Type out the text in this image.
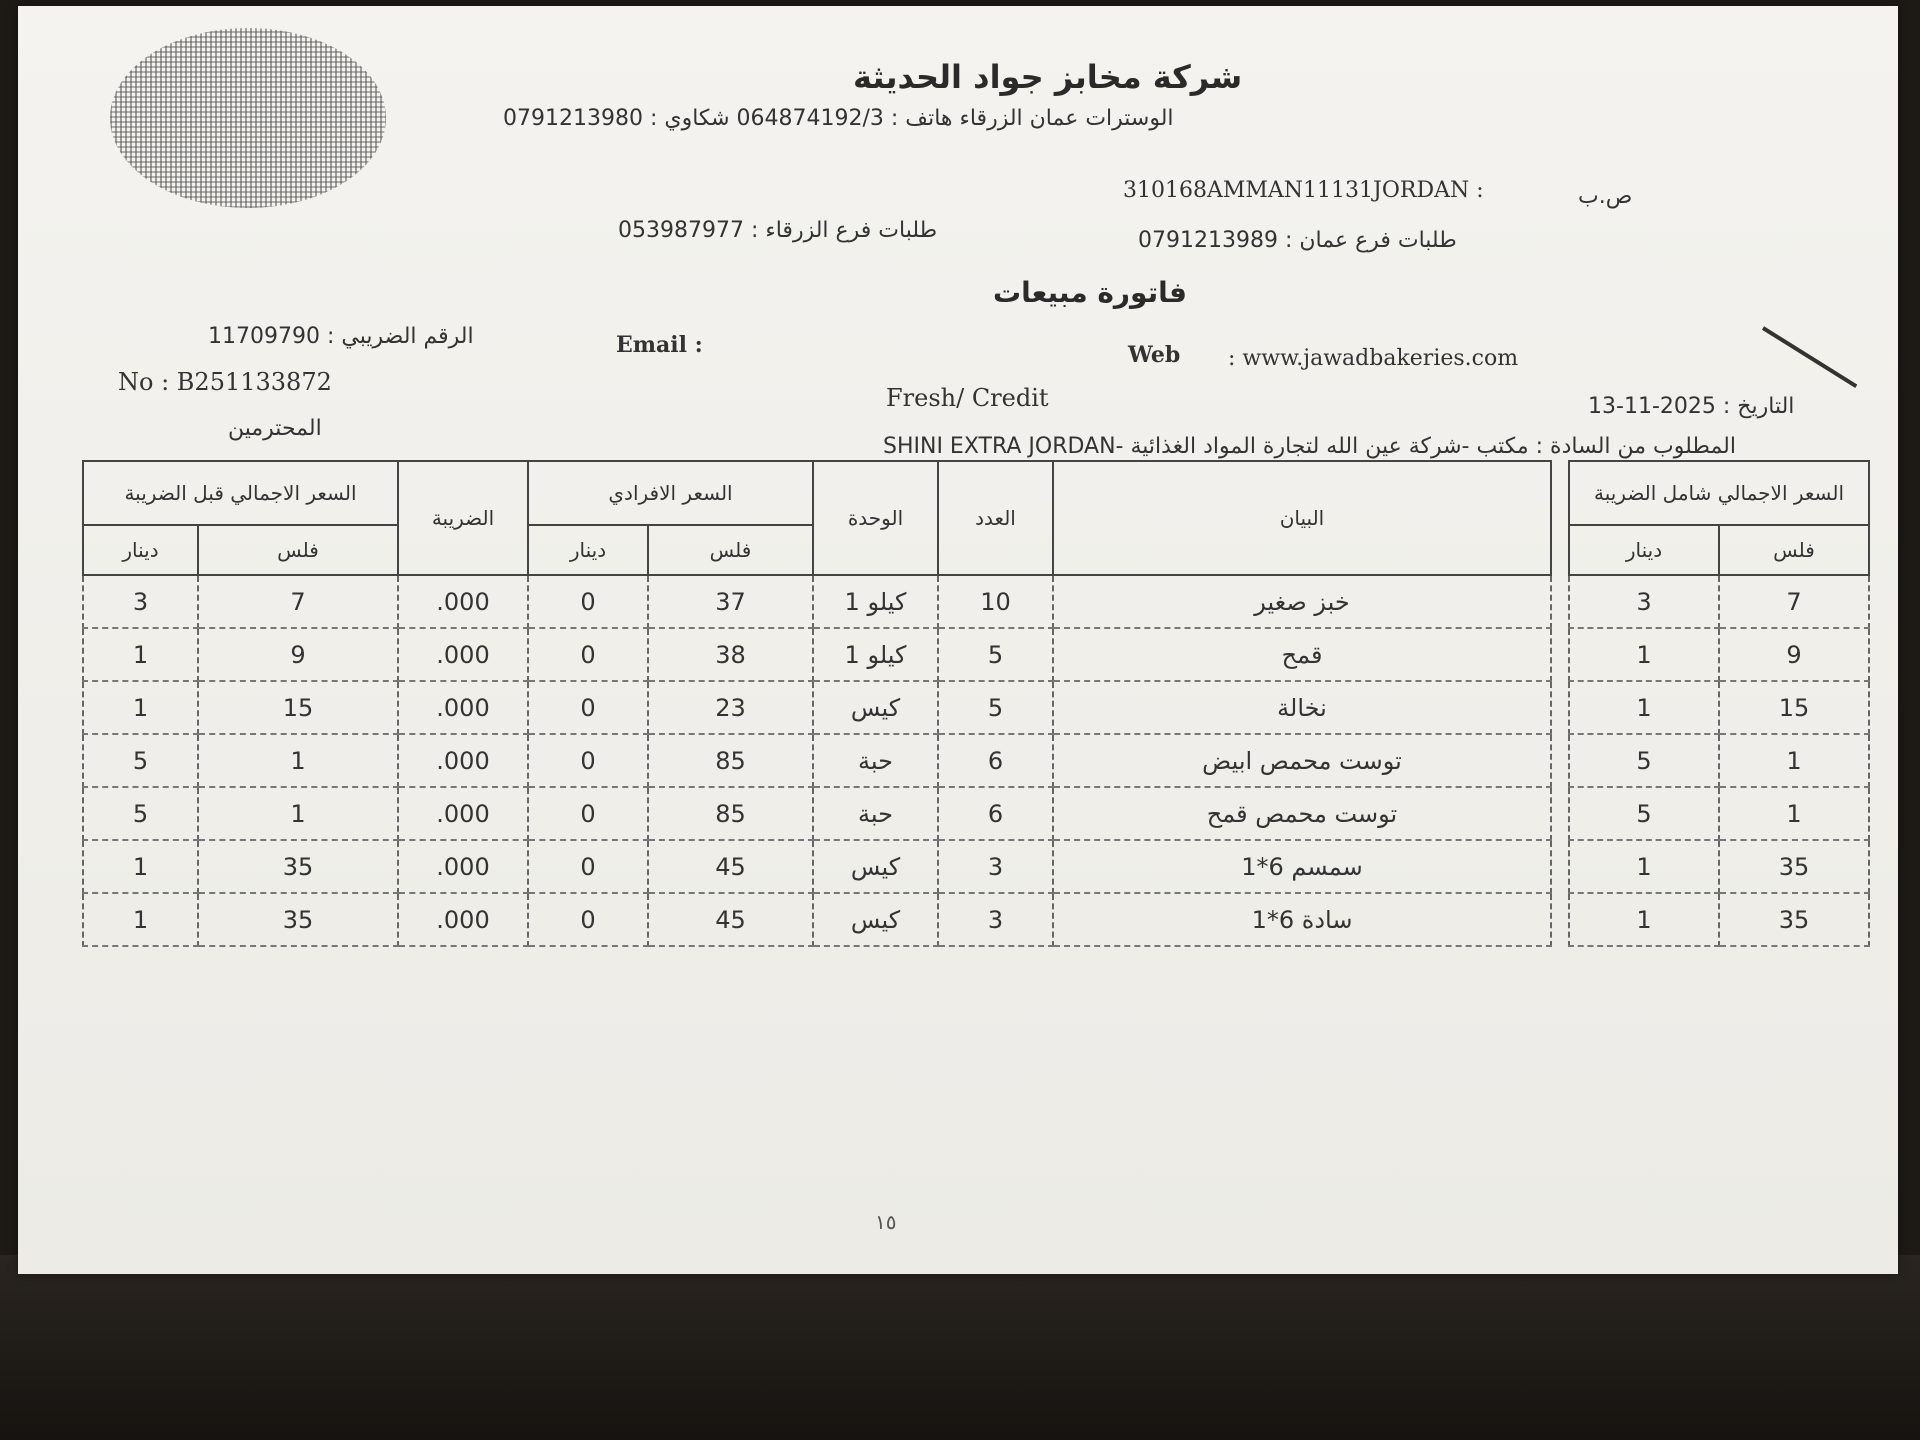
شركة مخابز جواد الحديثة
الوسترات عمان الزرقاء هاتف : 064874192/3 شكاوي : 0791213980
ص.ب
310168AMMAN11131JORDAN :
طلبات فرع الزرقاء : 053987977	طلبات فرع عمان : 0791213989
فاتورة مبيعات
الرقم الضريبي : 11709790	Email :	Web : www.jawadbakeries.com
No : B251133872
Fresh/ Credit	التاريخ : 2025-11-13
المحترمين
المطلوب من السادة : مكتب -شركة عين الله لتجارة المواد الغذائية -SHINI EXTRA JORDAN
السعر الاجمالي قبل الضريبة		الضريبة	السعر الافرادي		الوحدة	العدد	البيان		السعر الاجمالي شامل الضريبة	
دينار	فلس		دينار	فلس					دينار	فلس
3	7	.000	0	37	كيلو 1	10	خبز صغير		3	7
1	9	.000	0	38	كيلو 1	5	قمح		1	9
1	15	.000	0	23	كيس	5	نخالة		1	15
5	1	.000	0	85	حبة	6	توست محمص ابيض		5	1
5	1	.000	0	85	حبة	6	توست محمص قمح		5	1
1	35	.000	0	45	كيس	3	سمسم 6*1		1	35
1	35	.000	0	45	كيس	3	سادة 6*1		1	35
١٥
